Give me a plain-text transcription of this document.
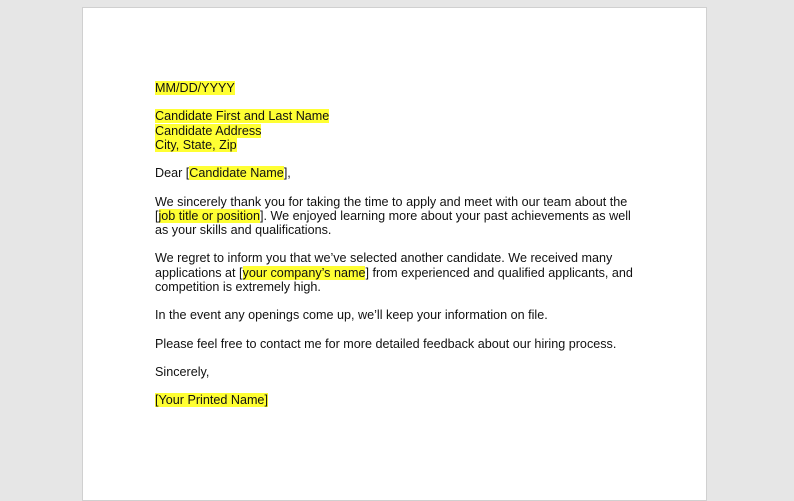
MM/DD/YYYY

Candidate First and Last Name
Candidate Address
City, State, Zip

Dear [Candidate Name],

We sincerely thank you for taking the time to apply and meet with our team about the
[job title or position]. We enjoyed learning more about your past achievements as well
as your skills and qualifications.

We regret to inform you that we’ve selected another candidate. We received many
applications at [your company’s name] from experienced and qualified applicants, and
competition is extremely high.

In the event any openings come up, we’ll keep your information on file.

Please feel free to contact me for more detailed feedback about our hiring process.

Sincerely,

[Your Printed Name]
